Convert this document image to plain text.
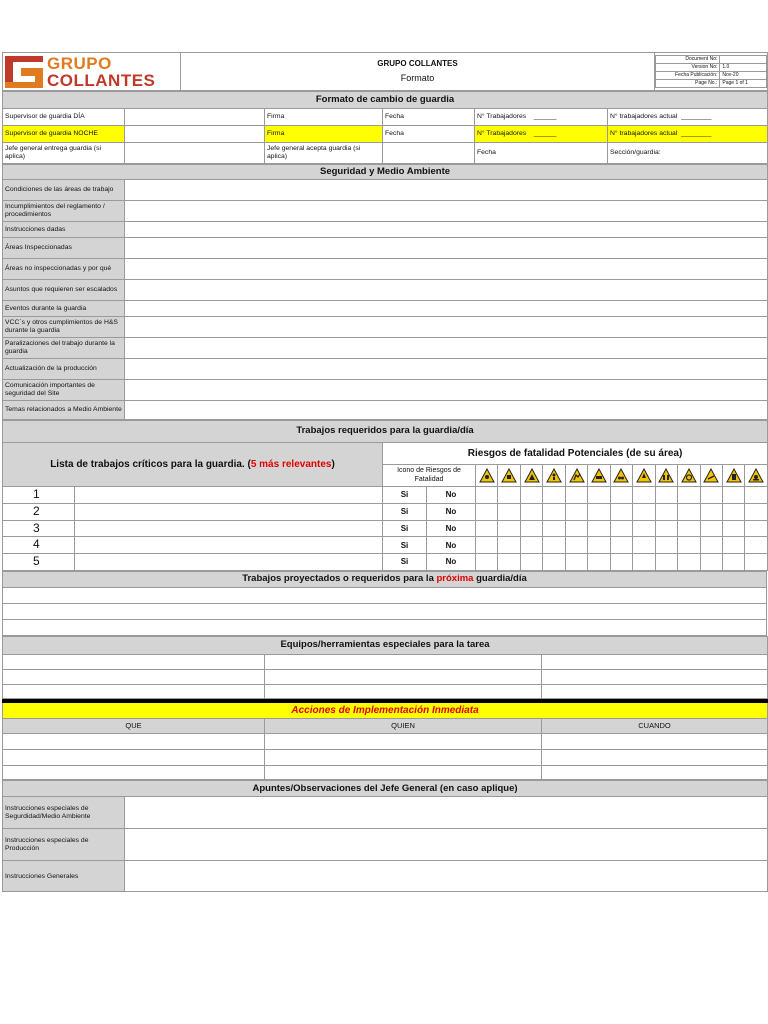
GRUPO
COLLANTES

GRUPO COLLANTES
Formato

Document No:	
Version No:	1.0
Fecha Publicación:	Nov-20
Page No.:	Page 1 of 1
Formato de cambio de guardia					
Supervisor de guardia DÍA		Firma	Fecha	N° Trabajadores ______	N° trabajadores actual ________
Supervisor de guardia NOCHE		Firma	Fecha	N° Trabajadores ______	N° trabajadores actual ________
Jefe general entrega guardia (si aplica)		Jefe general acepta guardia (si aplica)		Fecha	Sección/guardia:
Seguridad y Medio Ambiente	
Condiciones de las áreas de trabajo	
Incumplimientos del reglamento / procedimientos	
Instrucciones dadas	
Áreas Inspeccionadas	
Áreas no inspeccionadas y por qué	
Asuntos que requieren ser escalados	
Eventos durante la guardia	
VCC´s y otros cumplimientos de H&S durante la guardia	
Paralizaciones del trabajo durante la guardia	
Actualización de la producción	
Comunicación importantes de seguridad del Site	
Temas relacionados a Medio Ambiente	
Trabajos requeridos para la guardia/día																
Lista de trabajos críticos para la guardia. (5 más relevantes)		Riesgos de fatalidad Potenciales (de su área)														
		Icono de Riesgos de Fatalidad	

1		Si	No													
2		Si	No													
3		Si	No													
4		Si	No													
5		Si	No													
Trabajos proyectados o requeridos para la próxima guardia/día

Equipos/herramientas especiales para la tarea		

Acciones de Implementación Inmediata		
QUE	QUIEN	CUANDO

Apuntes/Observaciones del Jefe General (en caso aplique)	
Instrucciones especiales de Segurdidad/Medio Ambiente	
Instrucciones especiales de Producción	
Instrucciones Generales	
